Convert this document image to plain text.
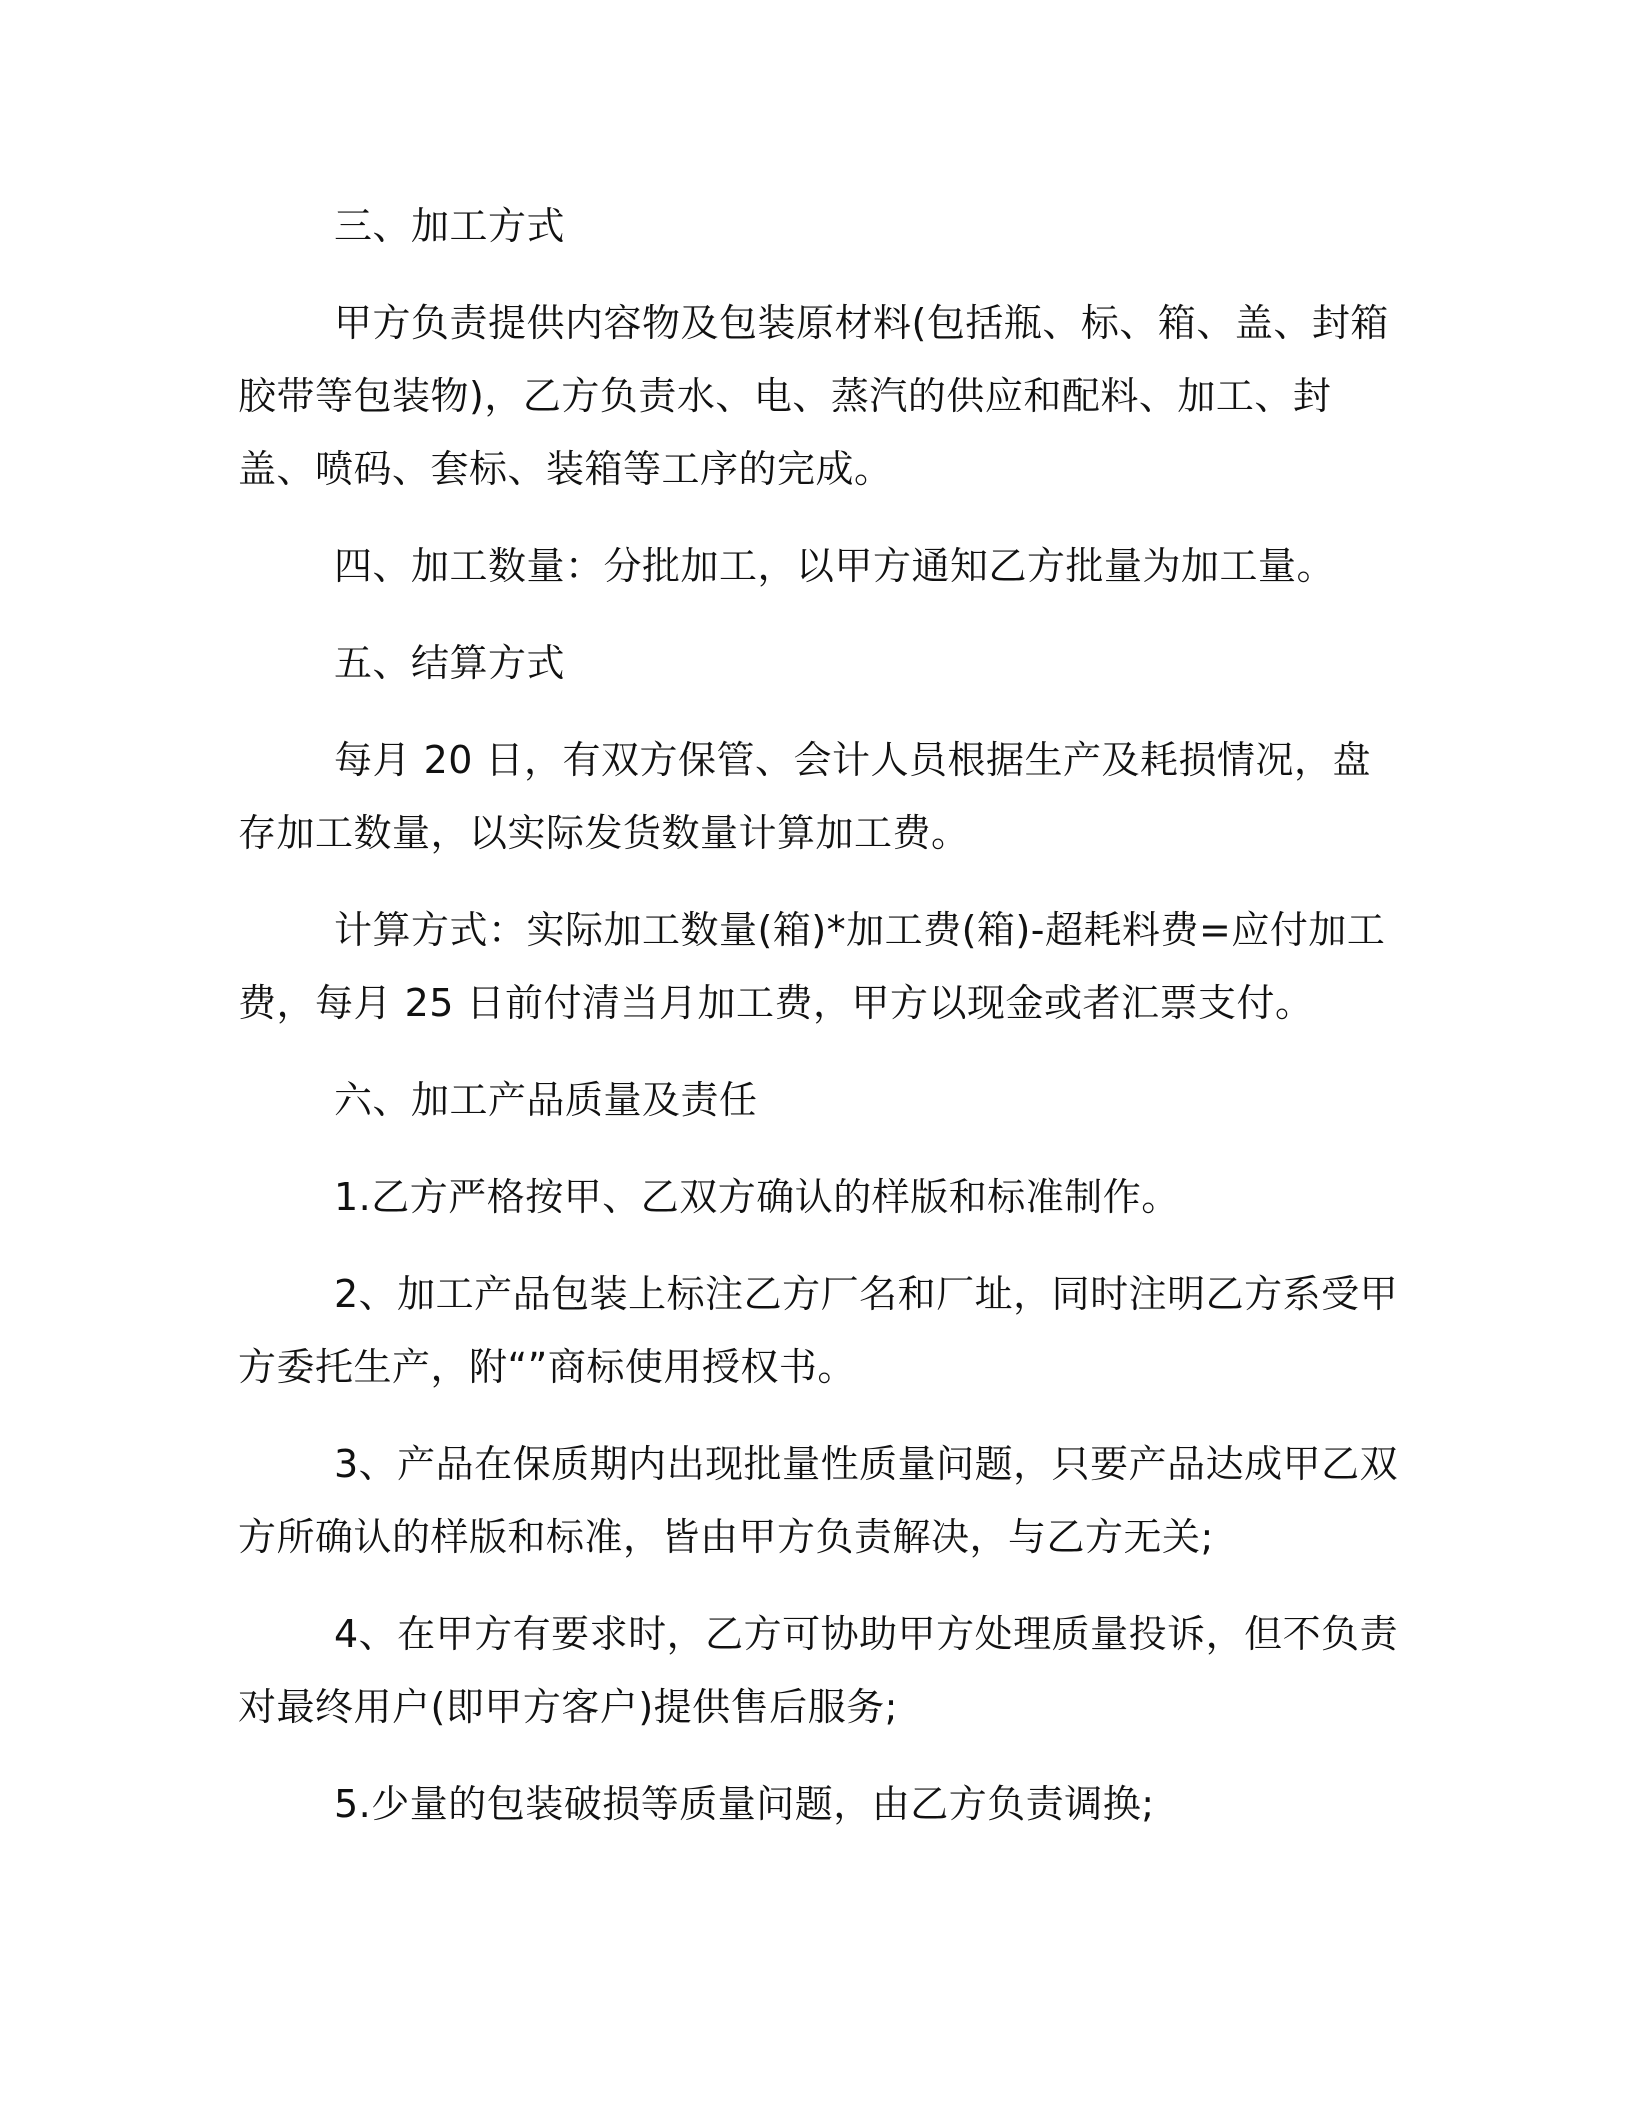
三、加工方式

甲方负责提供内容物及包装原材料(包括瓶、标、箱、盖、封箱胶带等包装物)，乙方负责水、电、蒸汽的供应和配料、加工、封盖、喷码、套标、装箱等工序的完成。

四、加工数量：分批加工，以甲方通知乙方批量为加工量。

五、结算方式

每月 20 日，有双方保管、会计人员根据生产及耗损情况，盘存加工数量，以实际发货数量计算加工费。

计算方式：实际加工数量(箱)*加工费(箱)-超耗料费=应付加工费，每月 25 日前付清当月加工费，甲方以现金或者汇票支付。

六、加工产品质量及责任

1.乙方严格按甲、乙双方确认的样版和标准制作。

2、加工产品包装上标注乙方厂名和厂址，同时注明乙方系受甲方委托生产，附“”商标使用授权书。

3、产品在保质期内出现批量性质量问题，只要产品达成甲乙双方所确认的样版和标准，皆由甲方负责解决，与乙方无关;

4、在甲方有要求时，乙方可协助甲方处理质量投诉，但不负责对最终用户(即甲方客户)提供售后服务;

5.少量的包装破损等质量问题，由乙方负责调换;
